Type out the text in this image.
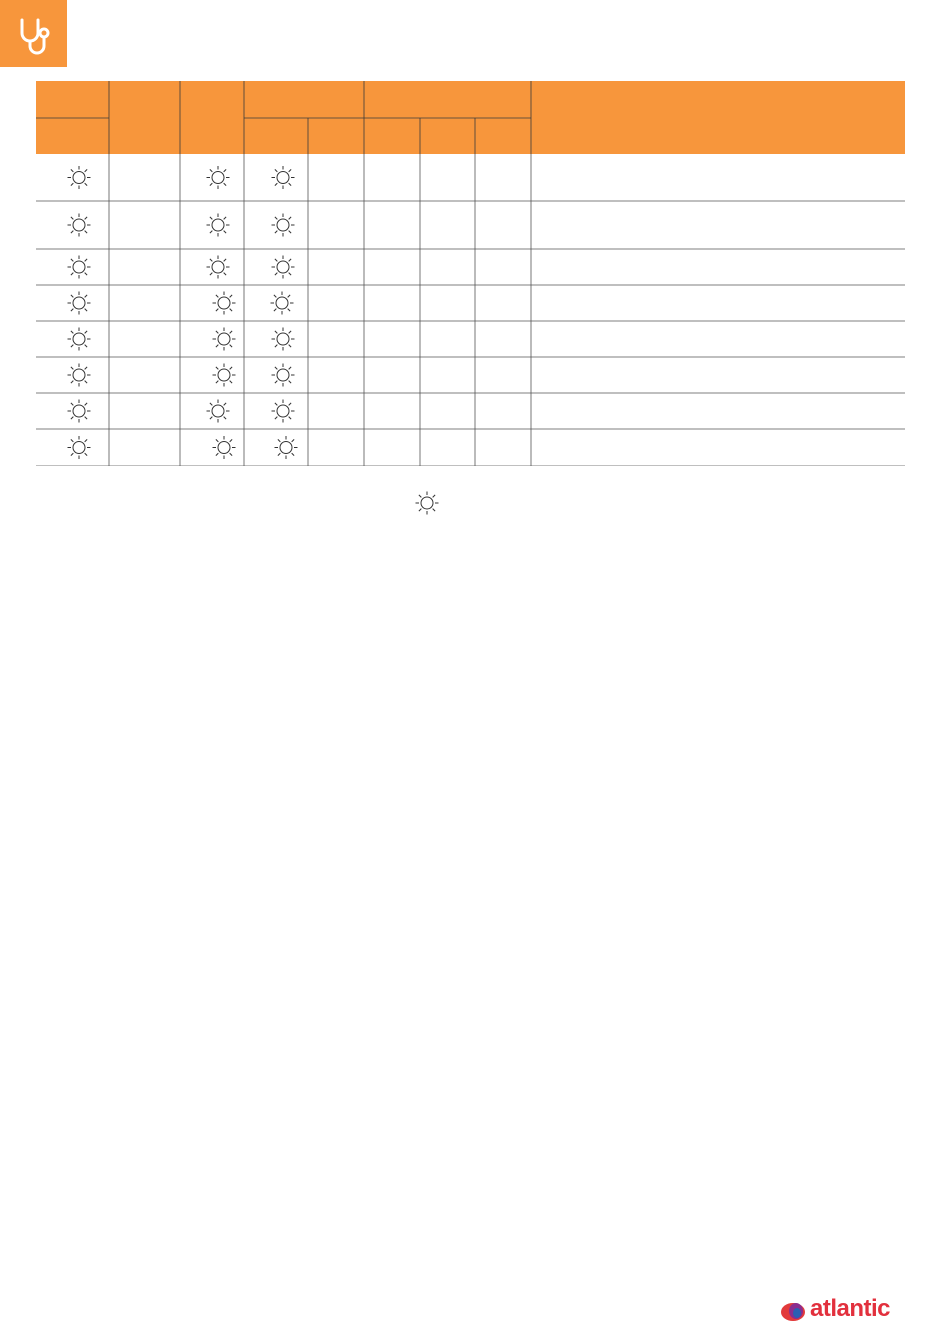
atlantic
